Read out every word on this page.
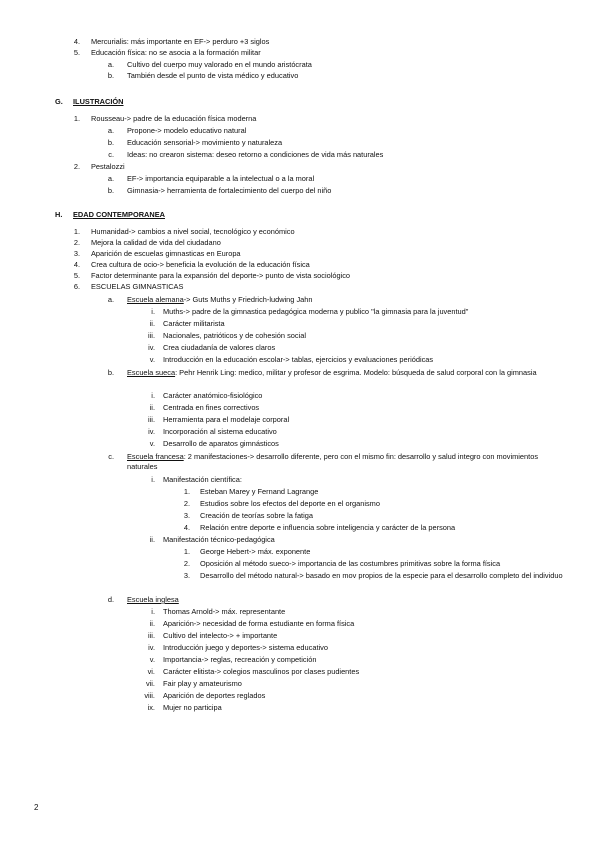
4. Mercurialis: más importante en EF-> perduro +3 siglos
5. Educación física: no se asocia a la formación militar
a. Cultivo del cuerpo muy valorado en el mundo aristócrata
b. También desde el punto de vista médico y educativo
G. ILUSTRACIÓN
1. Rousseau-> padre de la educación física moderna
a. Propone-> modelo educativo natural
b. Educación sensorial-> movimiento y naturaleza
c. Ideas: no crearon sistema: deseo retorno a condiciones de vida más naturales
2. Pestalozzi
a. EF-> importancia equiparable a la intelectual o a la moral
b. Gimnasia-> herramienta de fortalecimiento del cuerpo del niño
H. EDAD CONTEMPORANEA
1. Humanidad-> cambios a nivel social, tecnológico y económico
2. Mejora la calidad de vida del ciudadano
3. Aparición de escuelas gimnasticas en Europa
4. Crea cultura de ocio-> beneficia la evolución de la educación física
5. Factor determinante para la expansión del deporte-> punto de vista sociológico
6. ESCUELAS GIMNASTICAS
a. Escuela alemana-> Guts Muths y Friedrich-ludwing Jahn
i. Muths-> padre de la gimnastica pedagógica moderna y publico "la gimnasia para la juventud"
ii. Carácter militarista
iii. Nacionales, patrióticos y de cohesión social
iv. Crea ciudadanía de valores claros
v. Introducción en la educación escolar-> tablas, ejercicios y evaluaciones periódicas
b. Escuela sueca: Pehr Henrik Ling: medico, militar y profesor de esgrima. Modelo: búsqueda de salud corporal con la gimnasia
i. Carácter anatómico-fisiológico
ii. Centrada en fines correctivos
iii. Herramienta para el modelaje corporal
iv. Incorporación al sistema educativo
v. Desarrollo de aparatos gimnásticos
c. Escuela francesa: 2 manifestaciones-> desarrollo diferente, pero con el mismo fin: desarrollo y salud integro con movimientos naturales
i. Manifestación científica:
1. Esteban Marey y Fernand Lagrange
2. Estudios sobre los efectos del deporte en el organismo
3. Creación de teorías sobre la fatiga
4. Relación entre deporte e influencia sobre inteligencia y carácter de la persona
ii. Manifestación técnico-pedagógica
1. George Hebert-> máx. exponente
2. Oposición al método sueco-> importancia de las costumbres primitivas sobre la forma física
3. Desarrollo del método natural-> basado en mov propios de la especie para el desarrollo completo del individuo
d. Escuela inglesa
i. Thomas Arnold-> máx. representante
ii. Aparición-> necesidad de forma estudiante en forma física
iii. Cultivo del intelecto-> + importante
iv. Introducción juego y deportes-> sistema educativo
v. Importancia-> reglas, recreación y competición
vi. Carácter elitista-> colegios masculinos por clases pudientes
vii. Fair play y amateurismo
viii. Aparición de deportes reglados
ix. Mujer no participa
2
